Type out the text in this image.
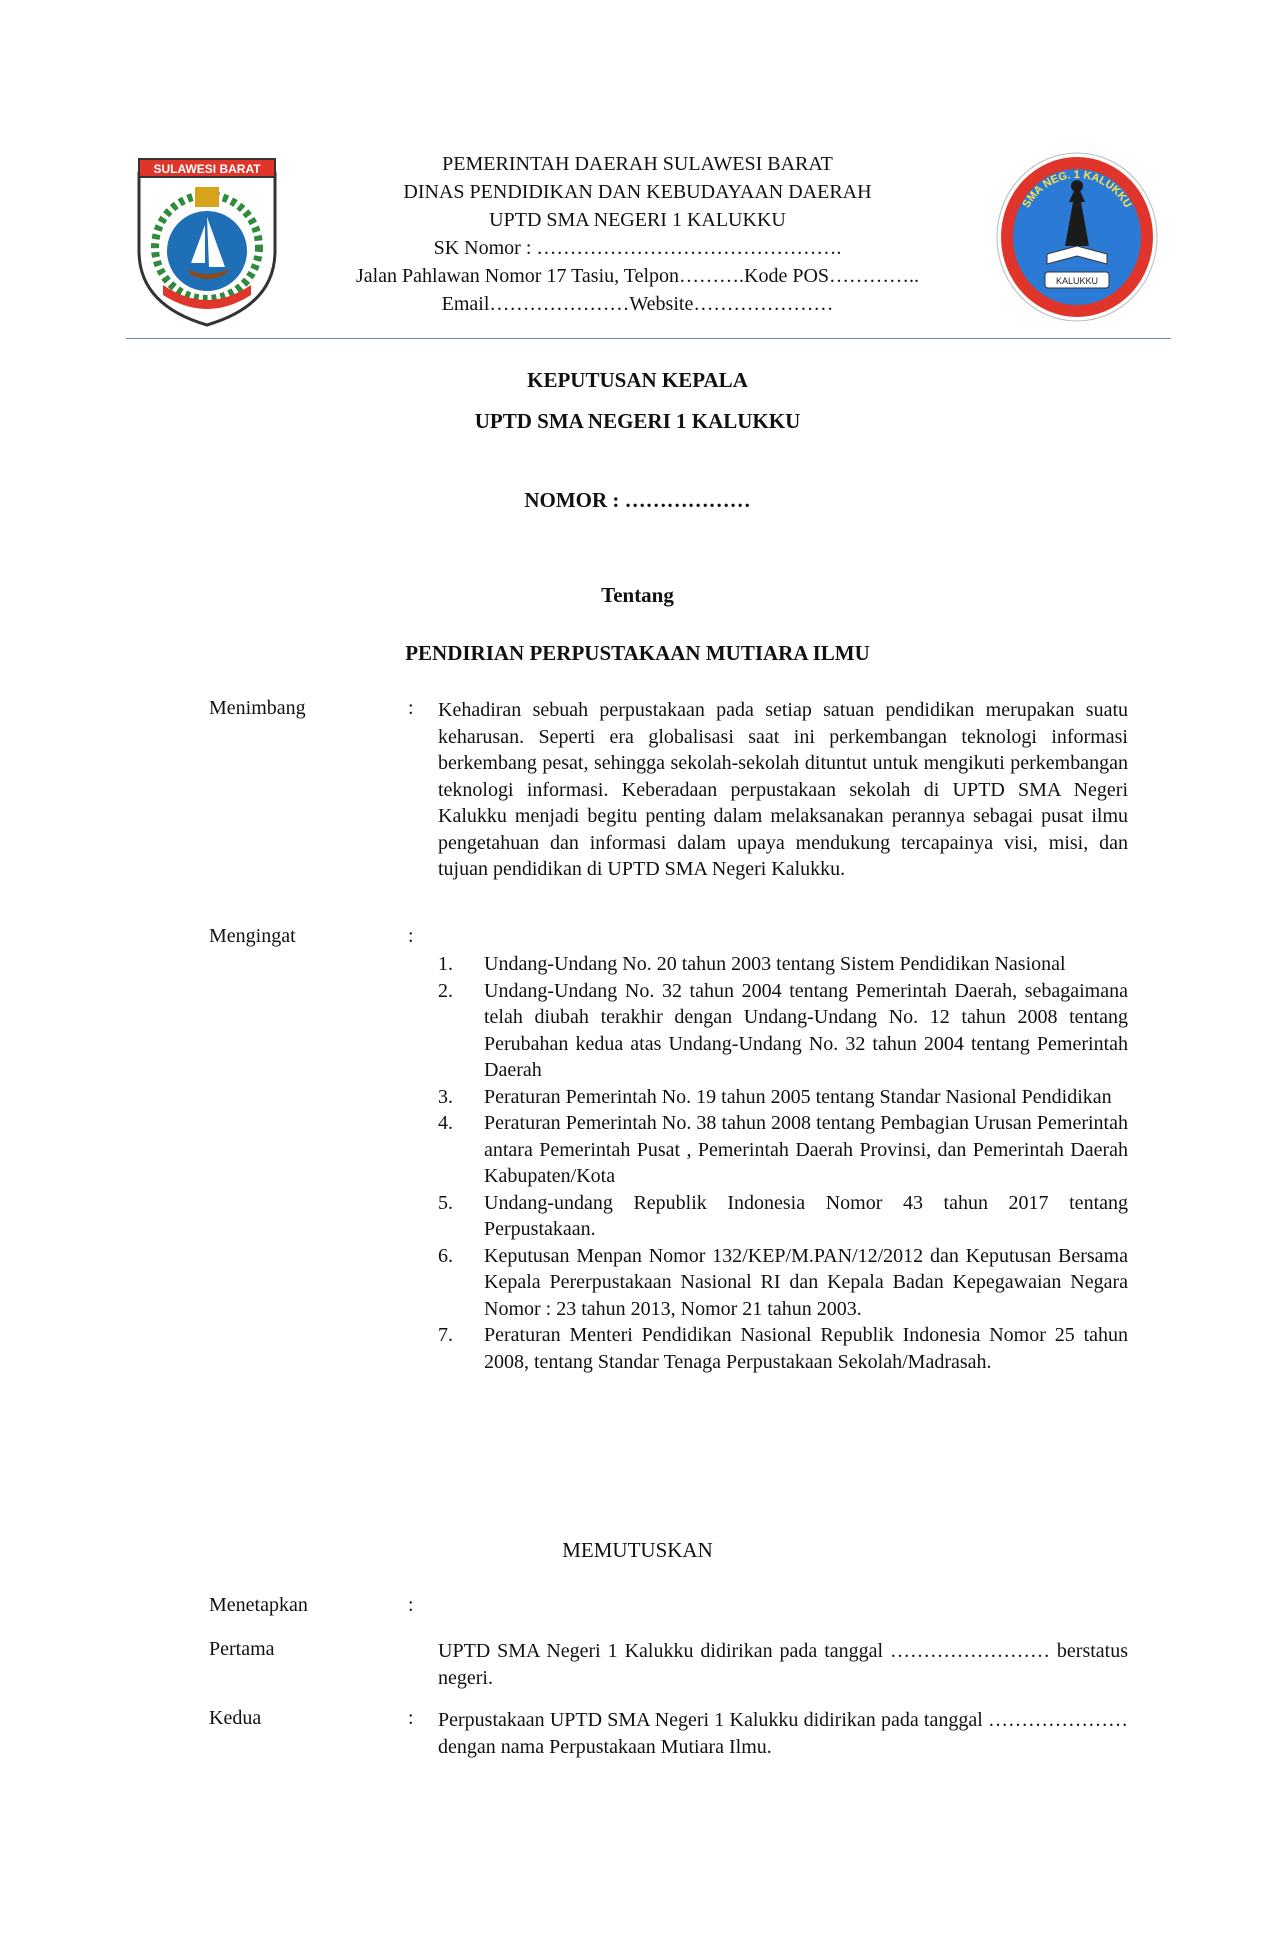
SULAWESI BARAT	PEMERINTAH DAERAH SULAWESI BARAT
DINAS PENDIDIKAN DAN KEBUDAYAAN DAERAH
UPTD SMA NEGERI 1 KALUKKU
SK Nomor : ……………………………………….
Jalan Pahlawan Nomor 17 Tasiu, Telpon……….Kode POS…………..
Email…………………Website…………………
KALUKKU
SMA NEG. 1 KALUKKU
KEPUTUSAN KEPALA
UPTD SMA NEGERI 1 KALUKKU
NOMOR : ………………
Tentang
PENDIRIAN PERPUSTAKAAN MUTIARA ILMU
Menimbang	: Kehadiran sebuah perpustakaan pada setiap satuan pendidikan merupakan suatu keharusan. Seperti era globalisasi saat ini perkembangan teknologi informasi berkembang pesat, sehingga sekolah-sekolah dituntut untuk mengikuti perkembangan teknologi informasi. Keberadaan perpustakaan sekolah di UPTD SMA Negeri Kalukku menjadi begitu penting dalam melaksanakan perannya sebagai pusat ilmu pengetahuan dan informasi dalam upaya mendukung tercapainya visi, misi, dan tujuan pendidikan di UPTD SMA Negeri Kalukku.
Mengingat	:
1. Undang-Undang No. 20 tahun 2003 tentang Sistem Pendidikan Nasional
2. Undang-Undang No. 32 tahun 2004 tentang Pemerintah Daerah, sebagaimana telah diubah terakhir dengan Undang-Undang No. 12 tahun 2008 tentang Perubahan kedua atas Undang-Undang No. 32 tahun 2004 tentang Pemerintah Daerah
3. Peraturan Pemerintah No. 19 tahun 2005 tentang Standar Nasional Pendidikan
4. Peraturan Pemerintah No. 38 tahun 2008 tentang Pembagian Urusan Pemerintah antara Pemerintah Pusat , Pemerintah Daerah Provinsi, dan Pemerintah Daerah Kabupaten/Kota
5. Undang-undang Republik Indonesia Nomor 43 tahun 2017 tentang Perpustakaan.
6. Keputusan Menpan Nomor 132/KEP/M.PAN/12/2012 dan Keputusan Bersama Kepala Pererpustakaan Nasional RI dan Kepala Badan Kepegawaian Negara Nomor : 23 tahun 2013, Nomor 21 tahun 2003.
7. Peraturan Menteri Pendidikan Nasional Republik Indonesia Nomor 25 tahun 2008, tentang Standar Tenaga Perpustakaan Sekolah/Madrasah.
MEMUTUSKAN
Menetapkan	:
Pertama	UPTD SMA Negeri 1 Kalukku didirikan pada tanggal …………………… berstatus negeri.
Kedua	: Perpustakaan UPTD SMA Negeri 1 Kalukku didirikan pada tanggal ………………… dengan nama Perpustakaan Mutiara Ilmu.
